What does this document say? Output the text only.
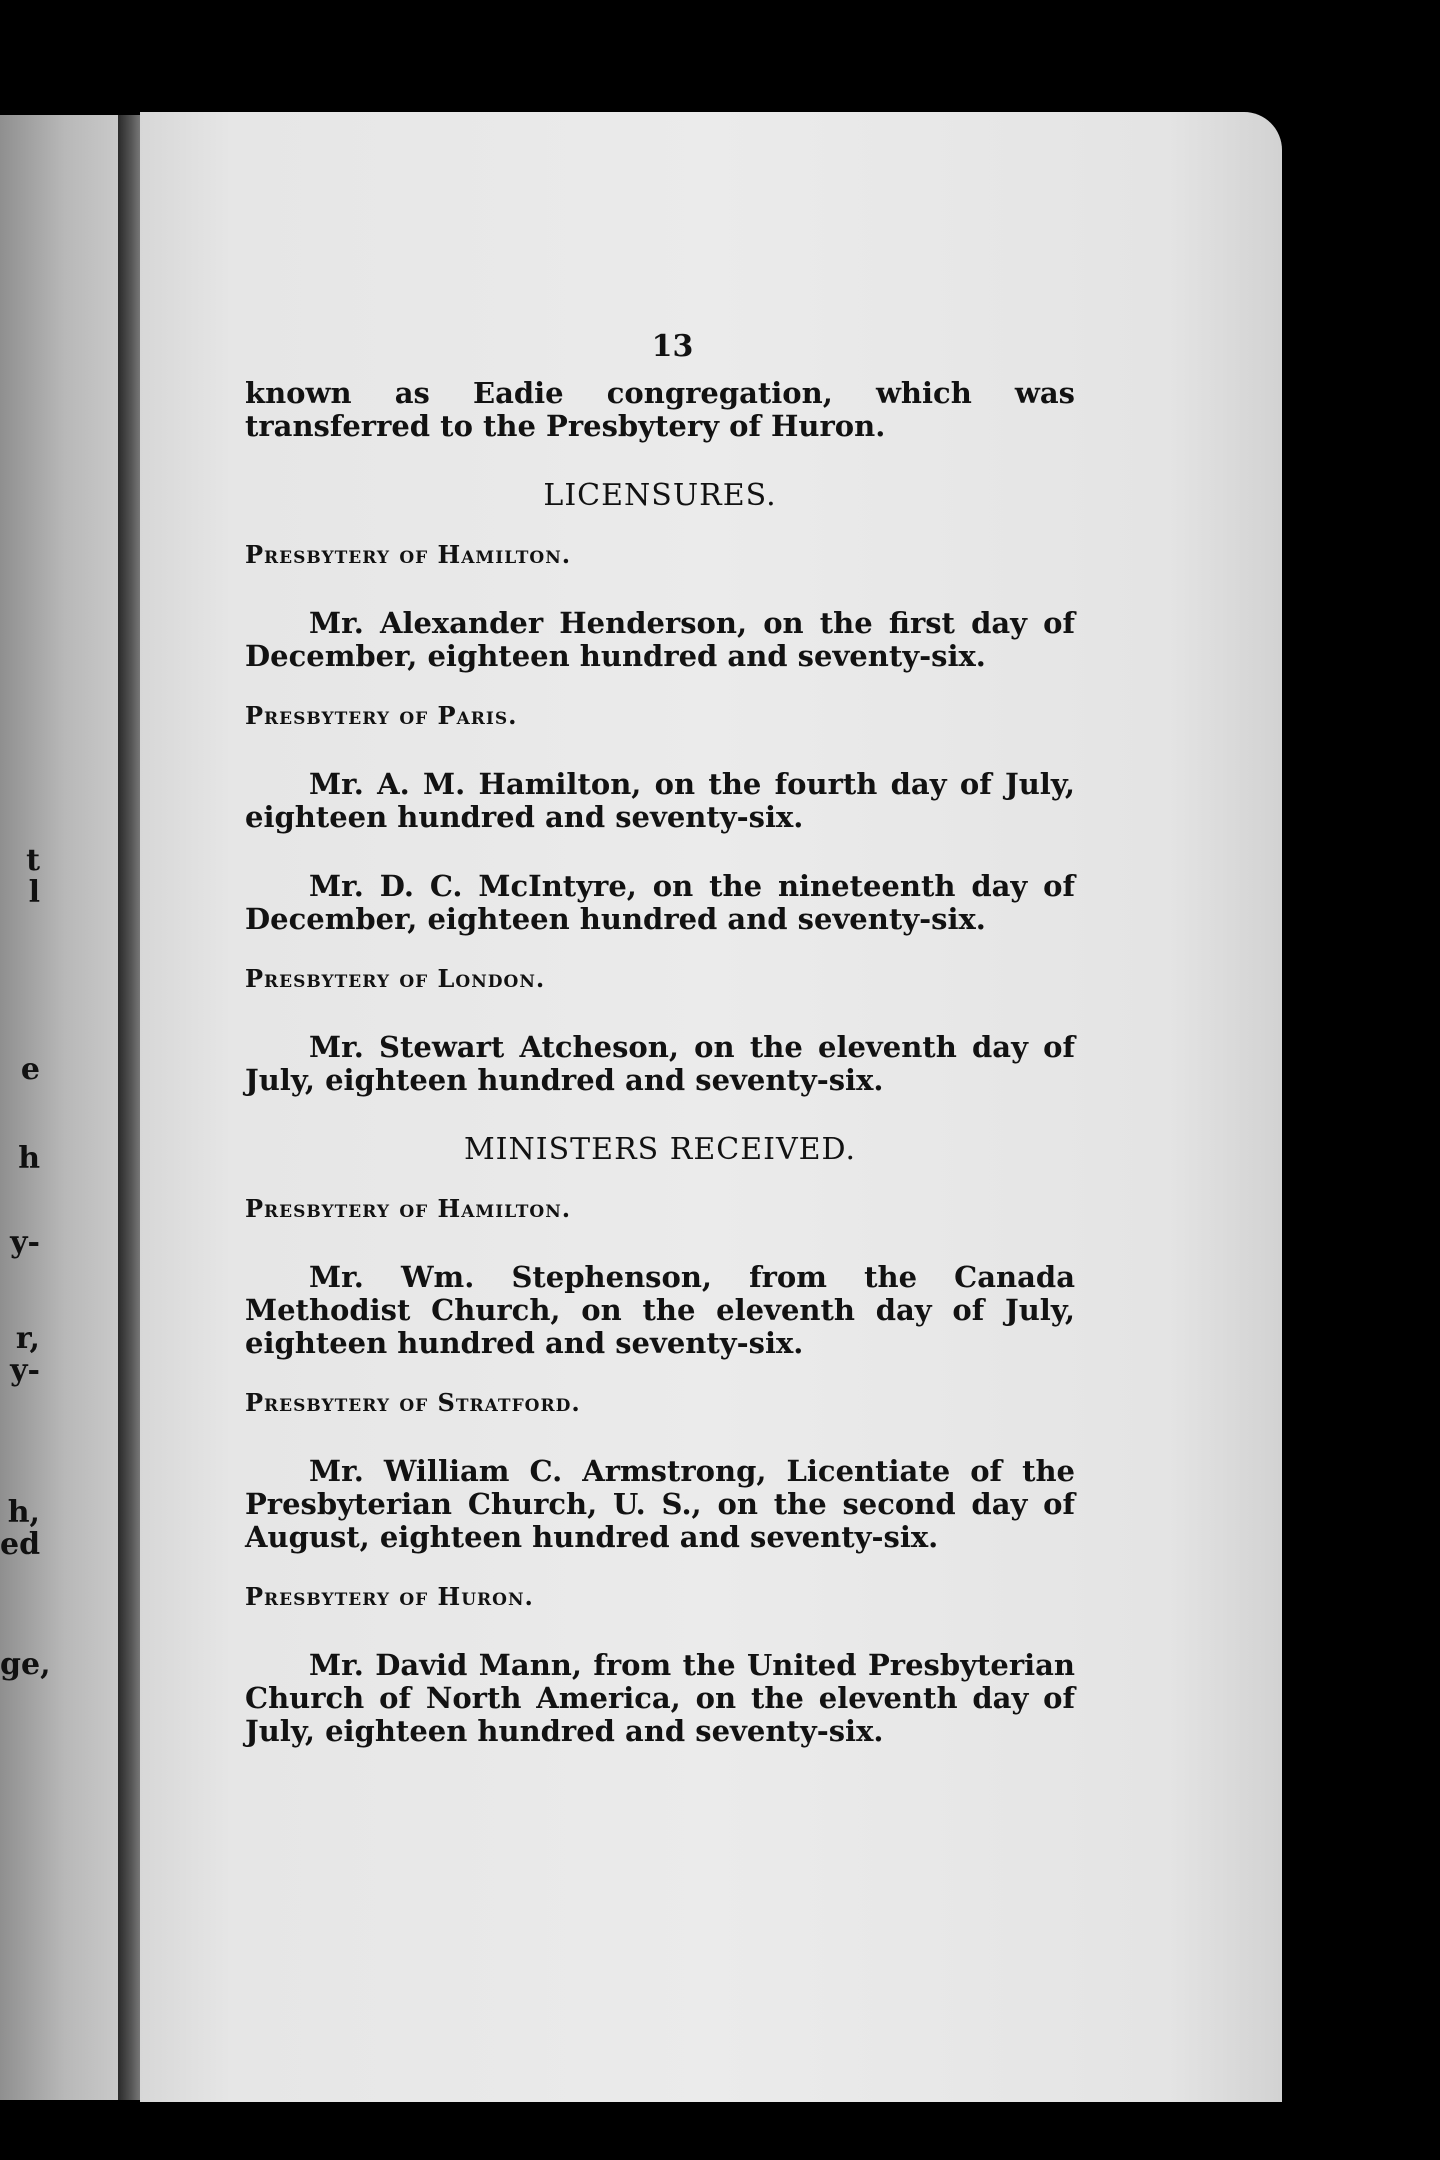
t
l
e
h
y-
r,
y-
h,
ed
ge,
13

known as Eadie congregation, which was transferred to the Presbytery of Huron.

LICENSURES.
Presbytery of Hamilton.

Mr. Alexander Henderson, on the first day of December, eighteen hundred and seventy-six.

Presbytery of Paris.

Mr. A. M. Hamilton, on the fourth day of July, eighteen hundred and seventy-six.

Mr. D. C. McIntyre, on the nineteenth day of December, eighteen hundred and seventy-six.

Presbytery of London.

Mr. Stewart Atcheson, on the eleventh day of July, eighteen hundred and seventy-six.

MINISTERS RECEIVED.
Presbytery of Hamilton.

Mr. Wm. Stephenson, from the Canada Methodist Church, on the eleventh day of July, eighteen hundred and seventy-six.

Presbytery of Stratford.

Mr. William C. Armstrong, Licentiate of the Presbyterian Church, U. S., on the second day of August, eighteen hundred and seventy-six.

Presbytery of Huron.

Mr. David Mann, from the United Presbyterian Church of North America, on the eleventh day of July, eighteen hundred and seventy-six.
